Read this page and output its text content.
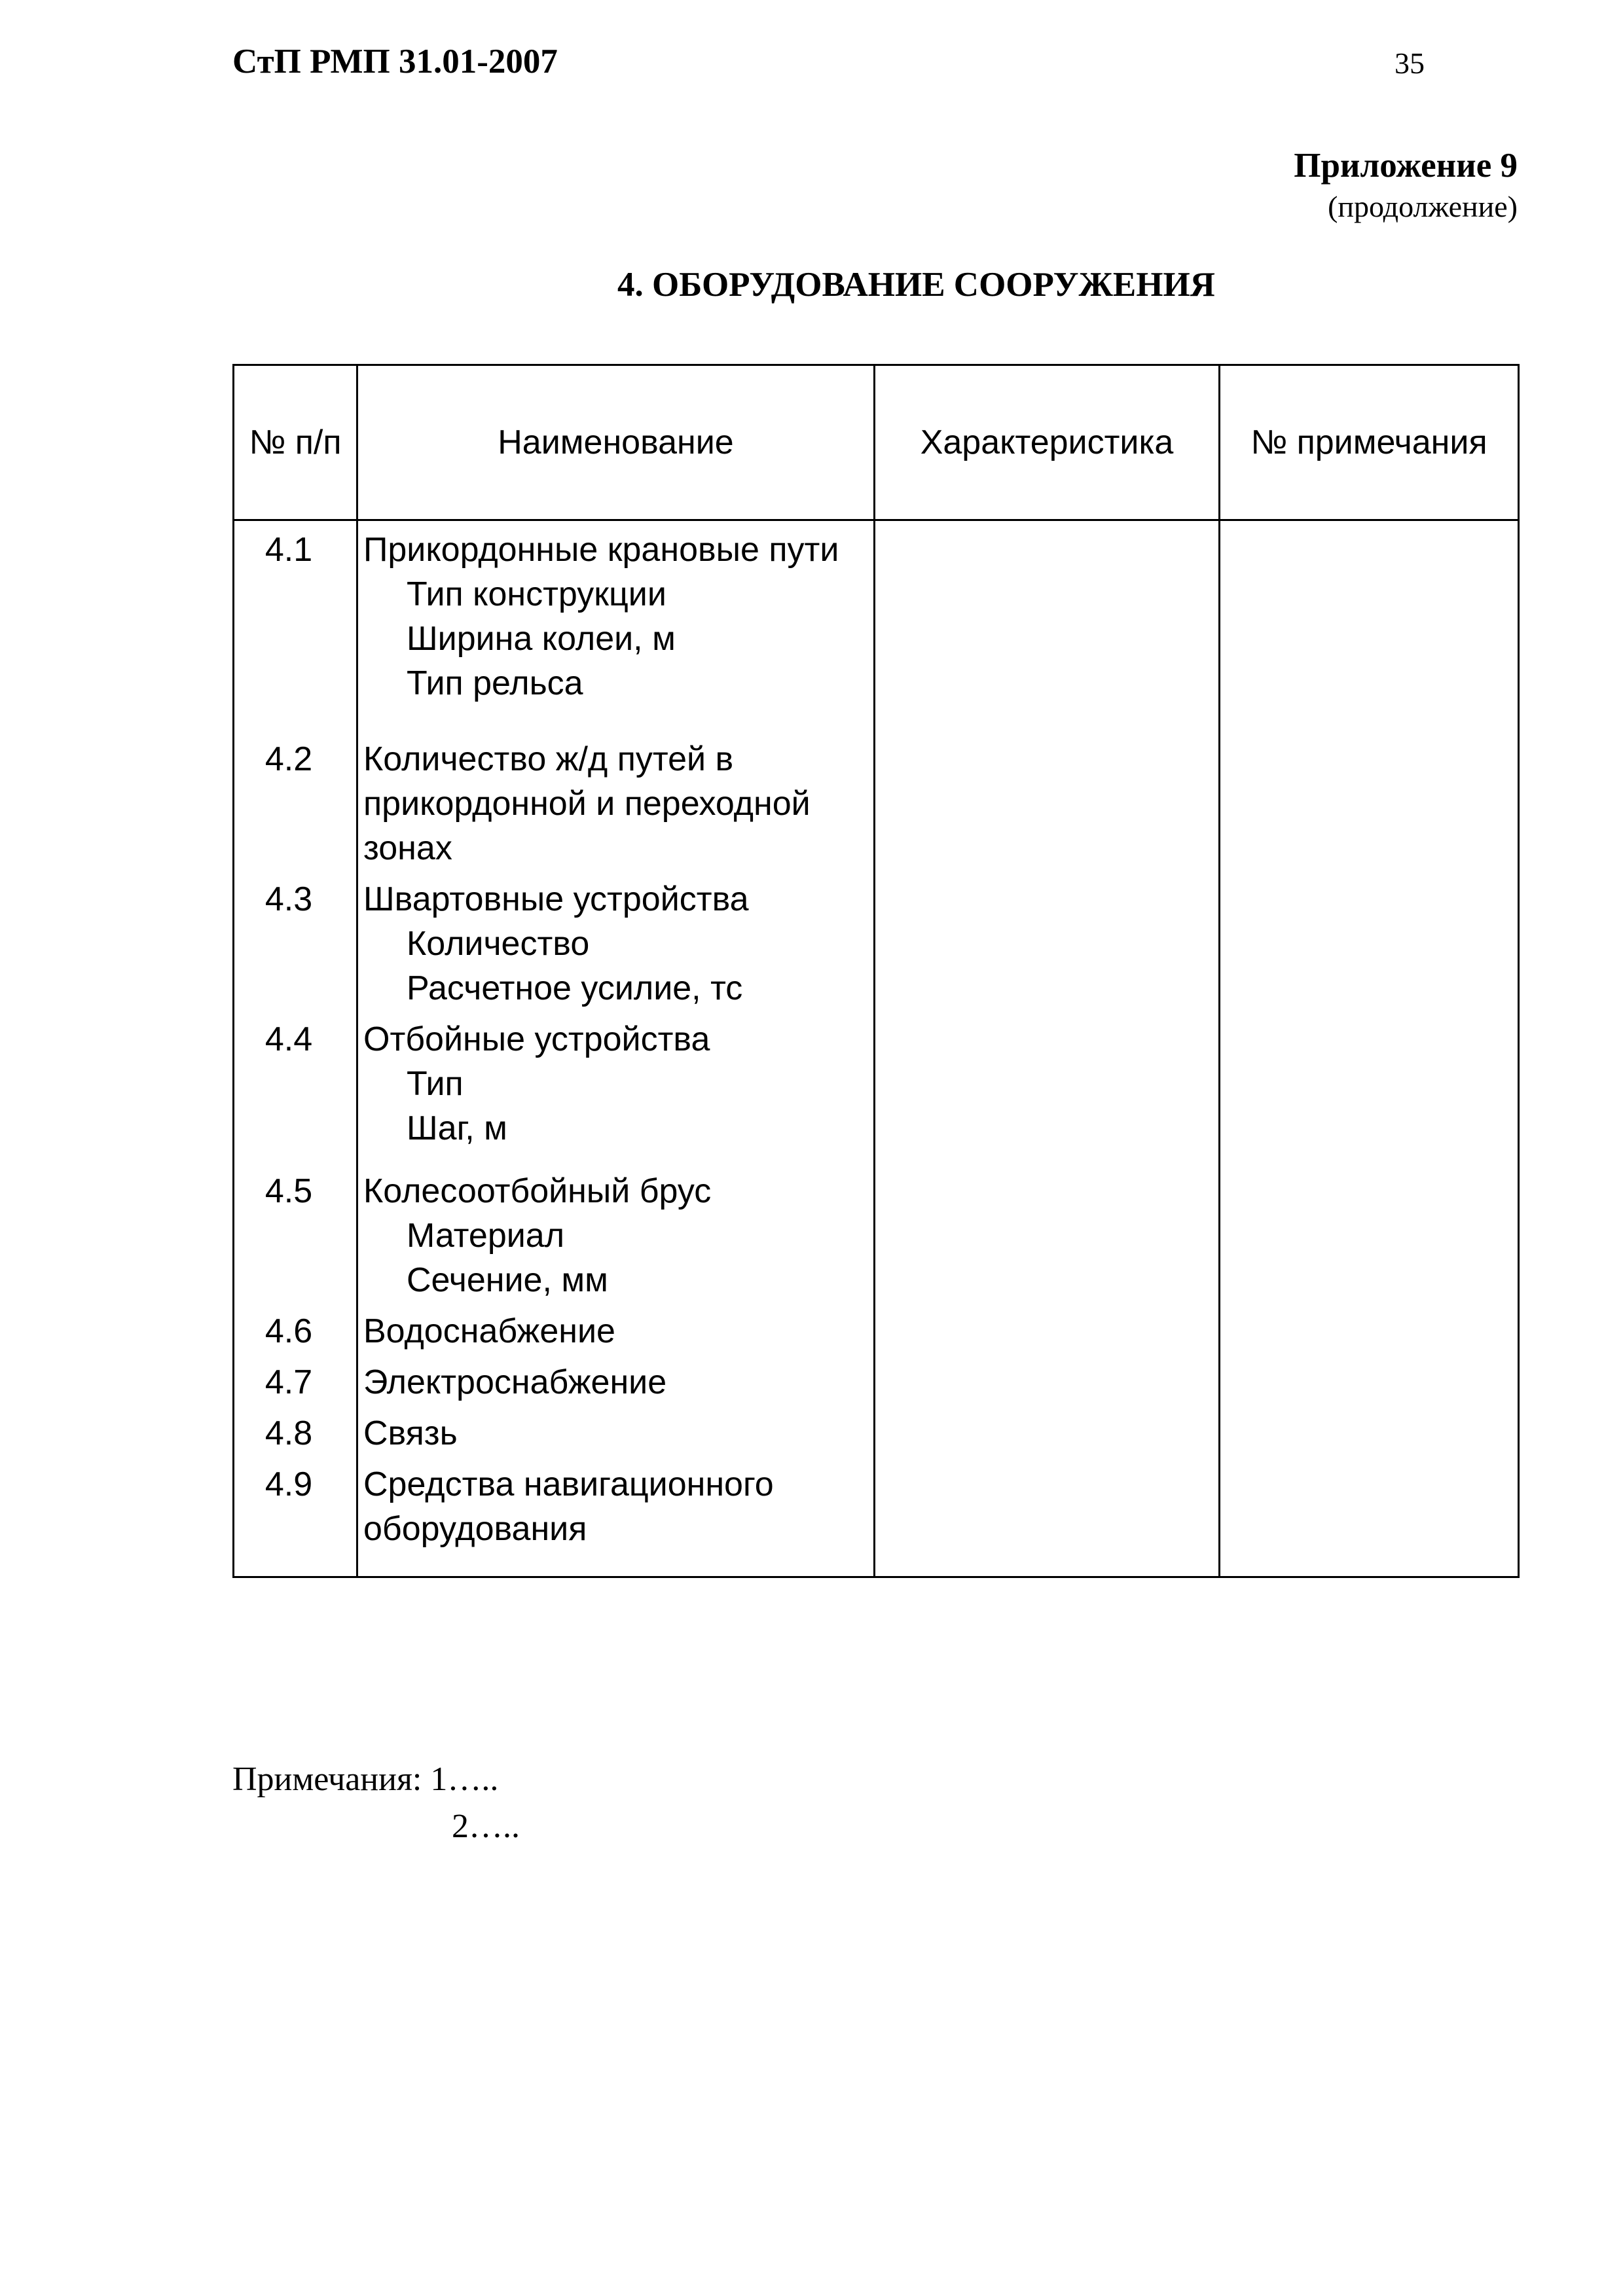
СтП РМП 31.01-2007	35
Приложение 9
(продолжение)
4. ОБОРУДОВАНИЕ СООРУЖЕНИЯ
№ п/п	Наименование	Характеристика	№ примечания
4.1	Прикордонные крановые пути
Тип конструкции
Ширина колеи, м
Тип рельса		

4.2	Количество ж/д путей в прикордонной и переходной зонах		

4.3	Швартовные устройства
Количество
Расчетное усилие, тс		

4.4	Отбойные устройства
Тип
Шаг, м		

4.5	Колесоотбойный брус
Материал
Сечение, мм		

4.6	Водоснабжение		

4.7	Электроснабжение		

4.8	Связь		

4.9	Средства навигационного оборудования		

Примечания: 1…..
2…..
